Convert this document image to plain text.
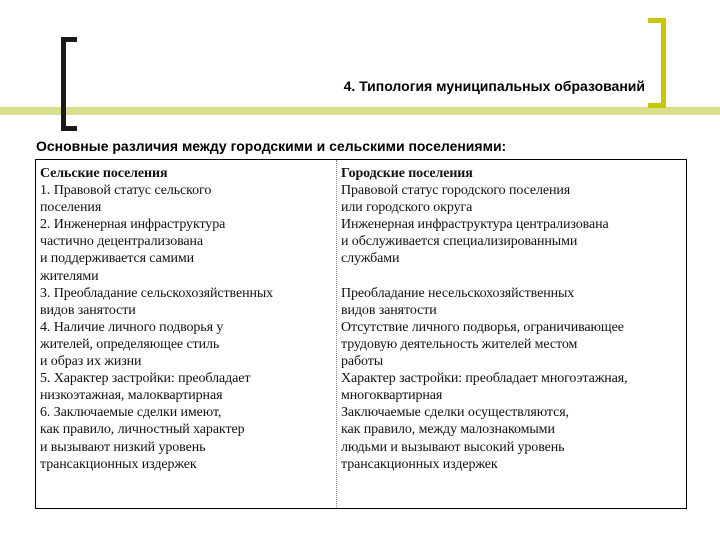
4. Типология муниципальных образований
Основные различия между городскими и сельскими поселениями:
Сельские поселения
1. Правовой статус сельского
поселения
2. Инженерная инфраструктура
частично децентрализована
и поддерживается самими
жителями
3. Преобладание сельскохозяйственных
видов занятости
4. Наличие личного подворья у
жителей, определяющее стиль
и образ их жизни
5. Характер застройки: преобладает
низкоэтажная, малоквартирная
6. Заключаемые сделки имеют,
как правило, личностный характер
и вызывают низкий уровень
трансакционных издержек
Городские поселения
Правовой статус городского поселения
или городского округа
Инженерная инфраструктура централизована
и обслуживается специализированными
службами
Преобладание несельскохозяйственных
видов занятости
Отсутствие личного подворья, ограничивающее
трудовую деятельность жителей местом
работы
Характер застройки: преобладает многоэтажная,
многоквартирная
Заключаемые сделки осуществляются,
как правило, между малознакомыми
людьми и вызывают высокий уровень
трансакционных издержек
